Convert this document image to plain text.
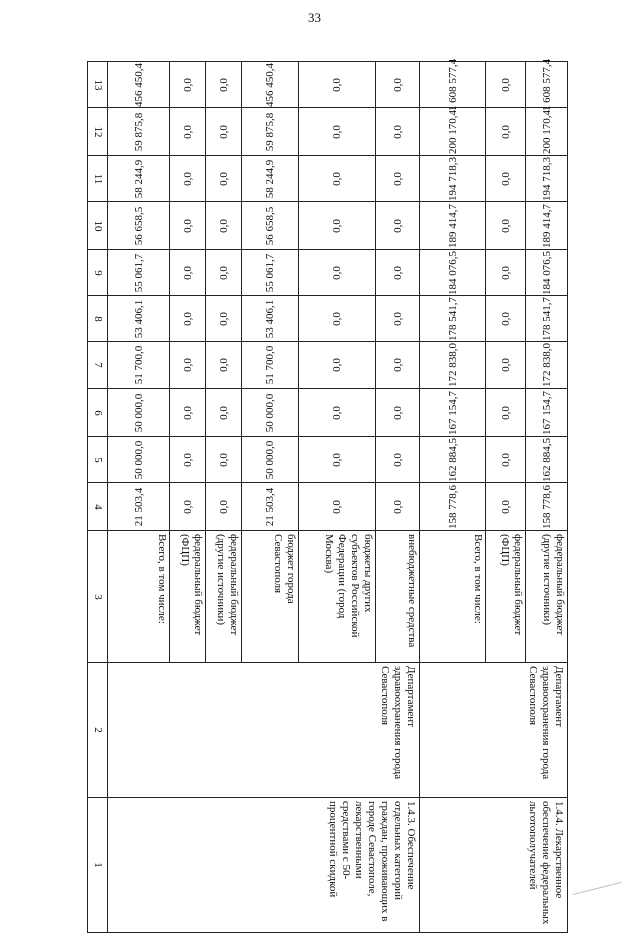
33
13
12
11
10
9
8
7
6
5
4
3
2
1	1.4.3. Обеспечение отдельных категорий граждан, проживающих в городе Севастополе, лекарственными средствами с 50-процентной скидкой
Департамент здравоохранения города Севастополя
Всего, в том числе:
21 503,4
50 000,0
50 000,0
51 700,0
53 406,1
55 061,7
56 658,5
58 244,9
59 875,8
456 450,4
федеральный бюджет (ФЦП)
0,0
0,0
0,0
0,0
0,0
0,0
0,0
0,0
0,0
0,0
федеральный бюджет (другие источники)
0,0
0,0
0,0
0,0
0,0
0,0
0,0
0,0
0,0
0,0
бюджет города Севастополя
21 503,4
50 000,0
50 000,0
51 700,0
53 406,1
55 061,7
56 658,5
58 244,9
59 875,8
456 450,4
бюджеты других субъектов Российской Федерации (город Москва)
0,0
0,0
0,0
0,0
0,0
0,0
0,0
0,0
0,0
0,0
внебюджетные средства
0,0
0,0
0,0
0,0
0,0
0,0
0,0
0,0
0,0
0,0
1.4.4. Лекарственное обеспечение федеральных льготополучателей
Департамент здравоохранения города Севастополя
Всего, в том числе:
158 778,6
162 884,5
167 154,7
172 838,0
178 541,7
184 076,5
189 414,7
194 718,3
200 170,4
1 608 577,4
федеральный бюджет (ФЦП)
0,0
0,0
0,0
0,0
0,0
0,0
0,0
0,0
0,0
0,0
федеральный бюджет (другие источники)
158 778,6
162 884,5
167 154,7
172 838,0
178 541,7
184 076,5
189 414,7
194 718,3
200 170,4
1 608 577,4
